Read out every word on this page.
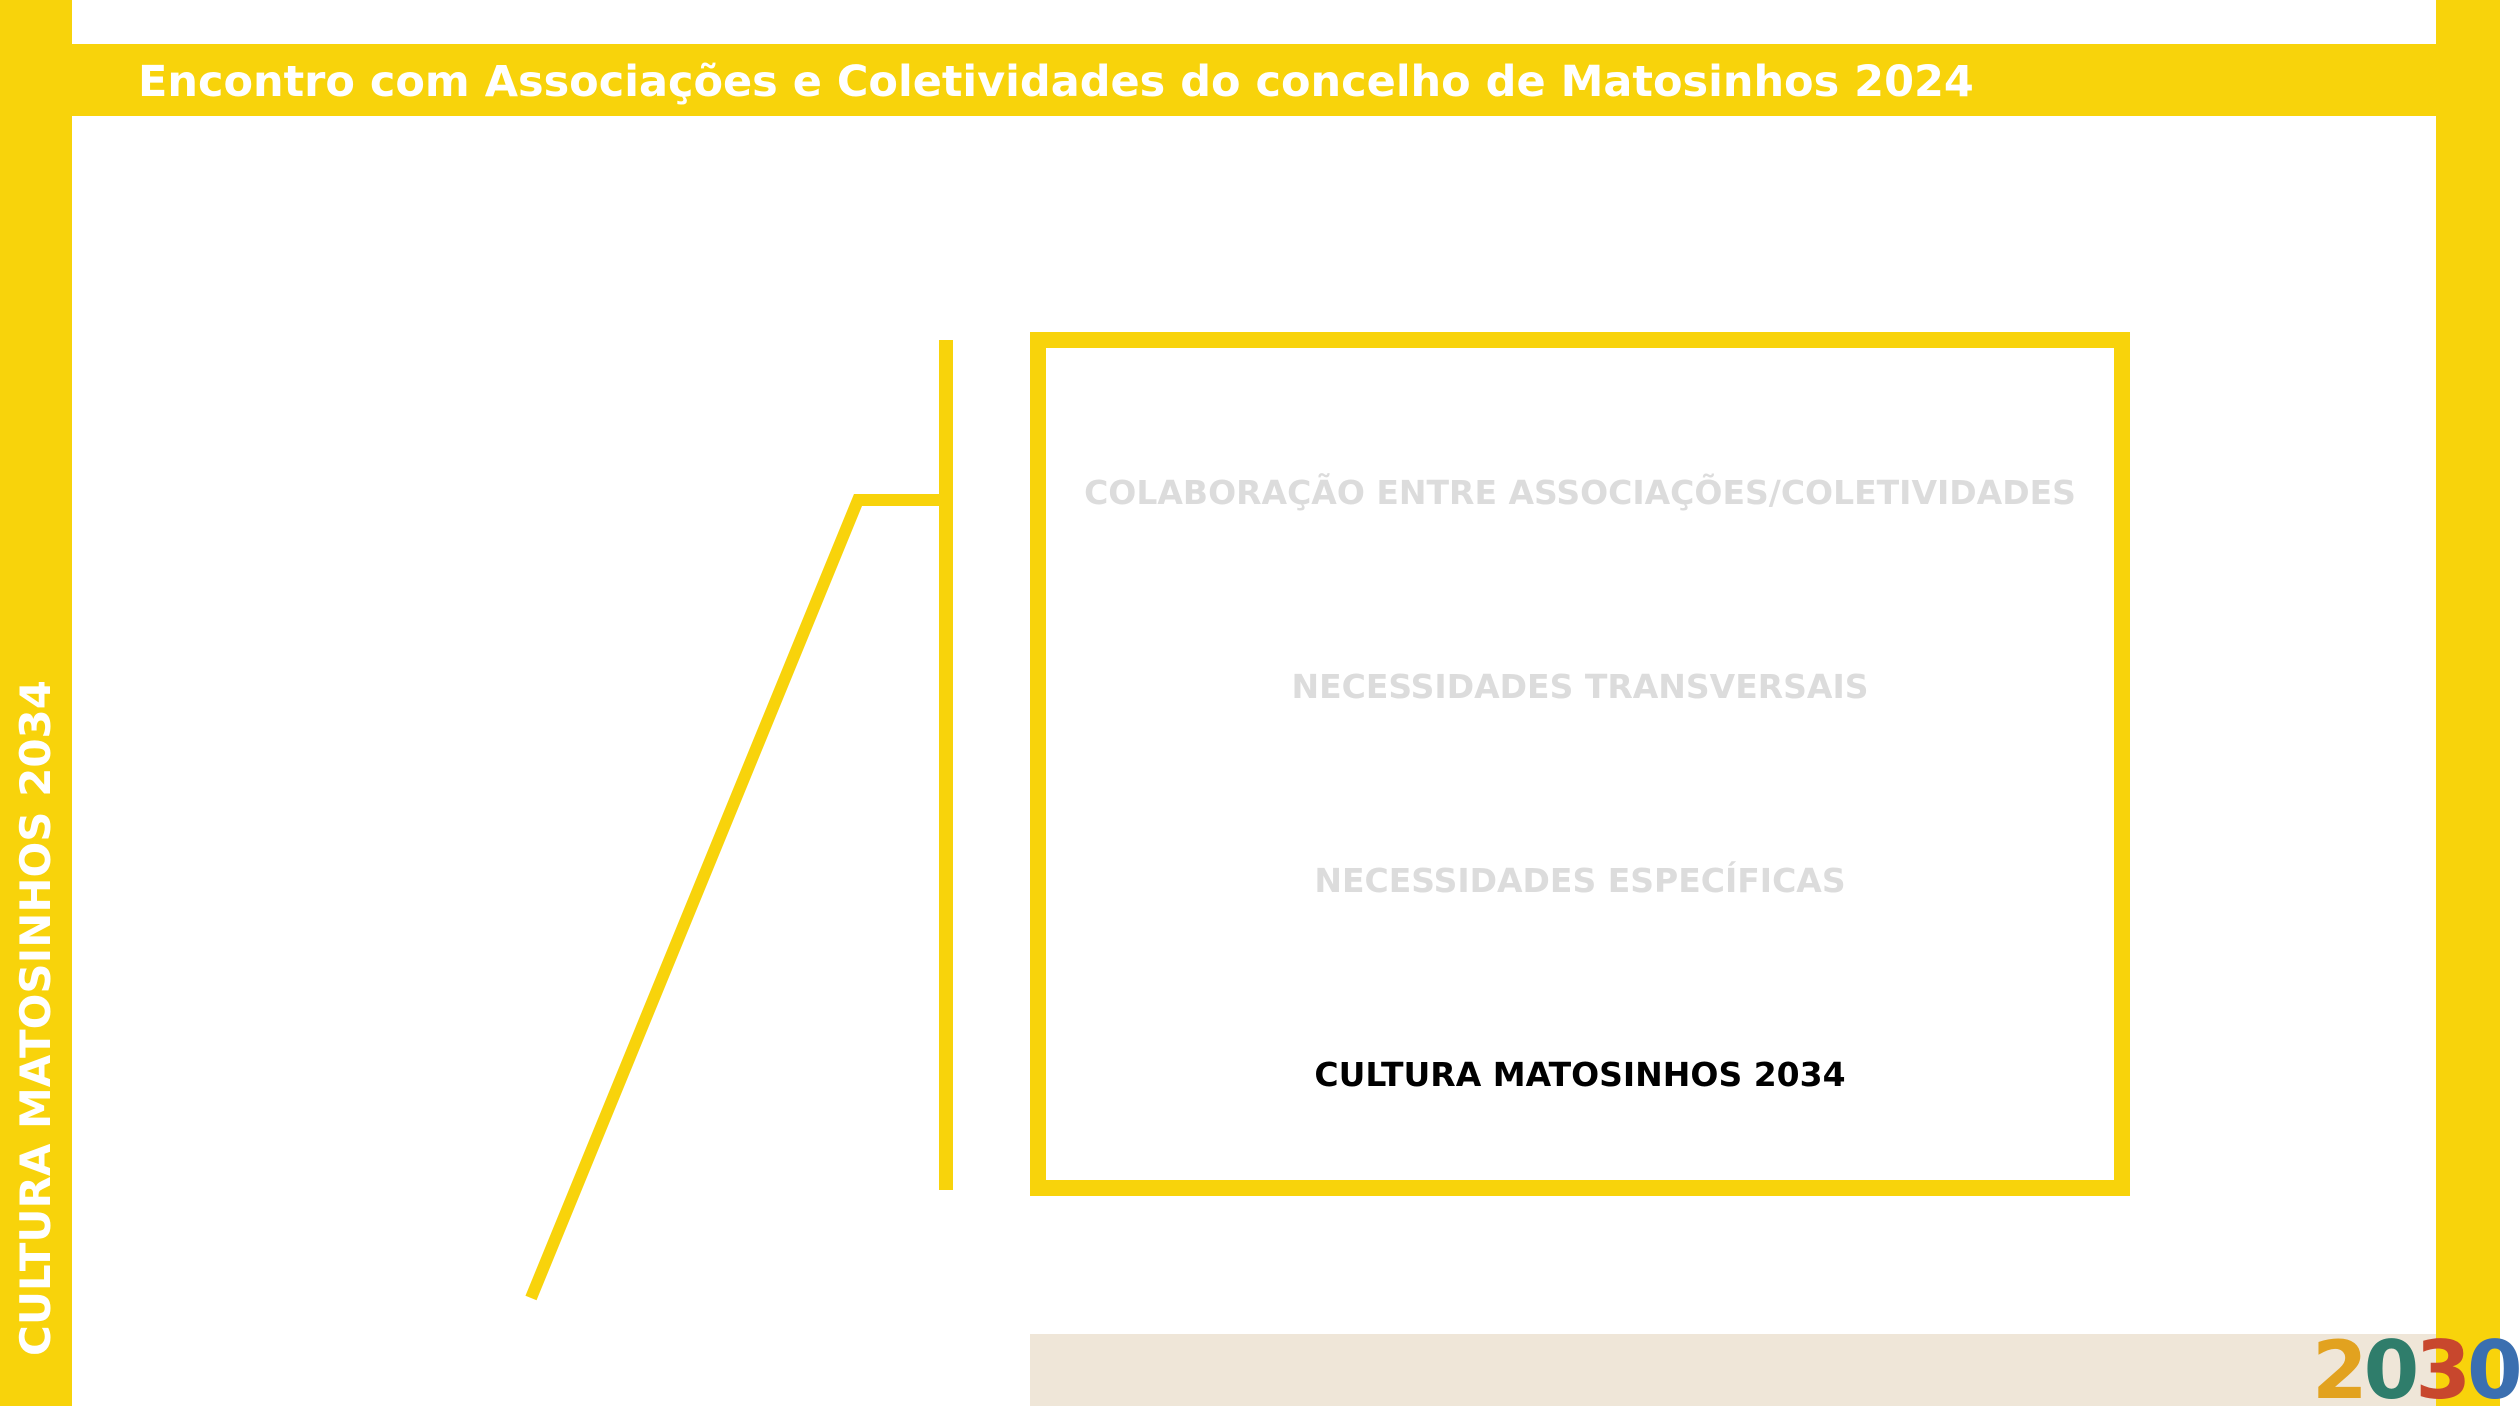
Encontro com Associações e Coletividades do concelho de Matosinhos 2024
CULTURA MATOSINHOS 2034
COLABORAÇÃO ENTRE ASSOCIAÇÕES/COLETIVIDADES
NECESSIDADES TRANSVERSAIS
NECESSIDADES ESPECÍFICAS
CULTURA MATOSINHOS 2034
2 0 3 0
